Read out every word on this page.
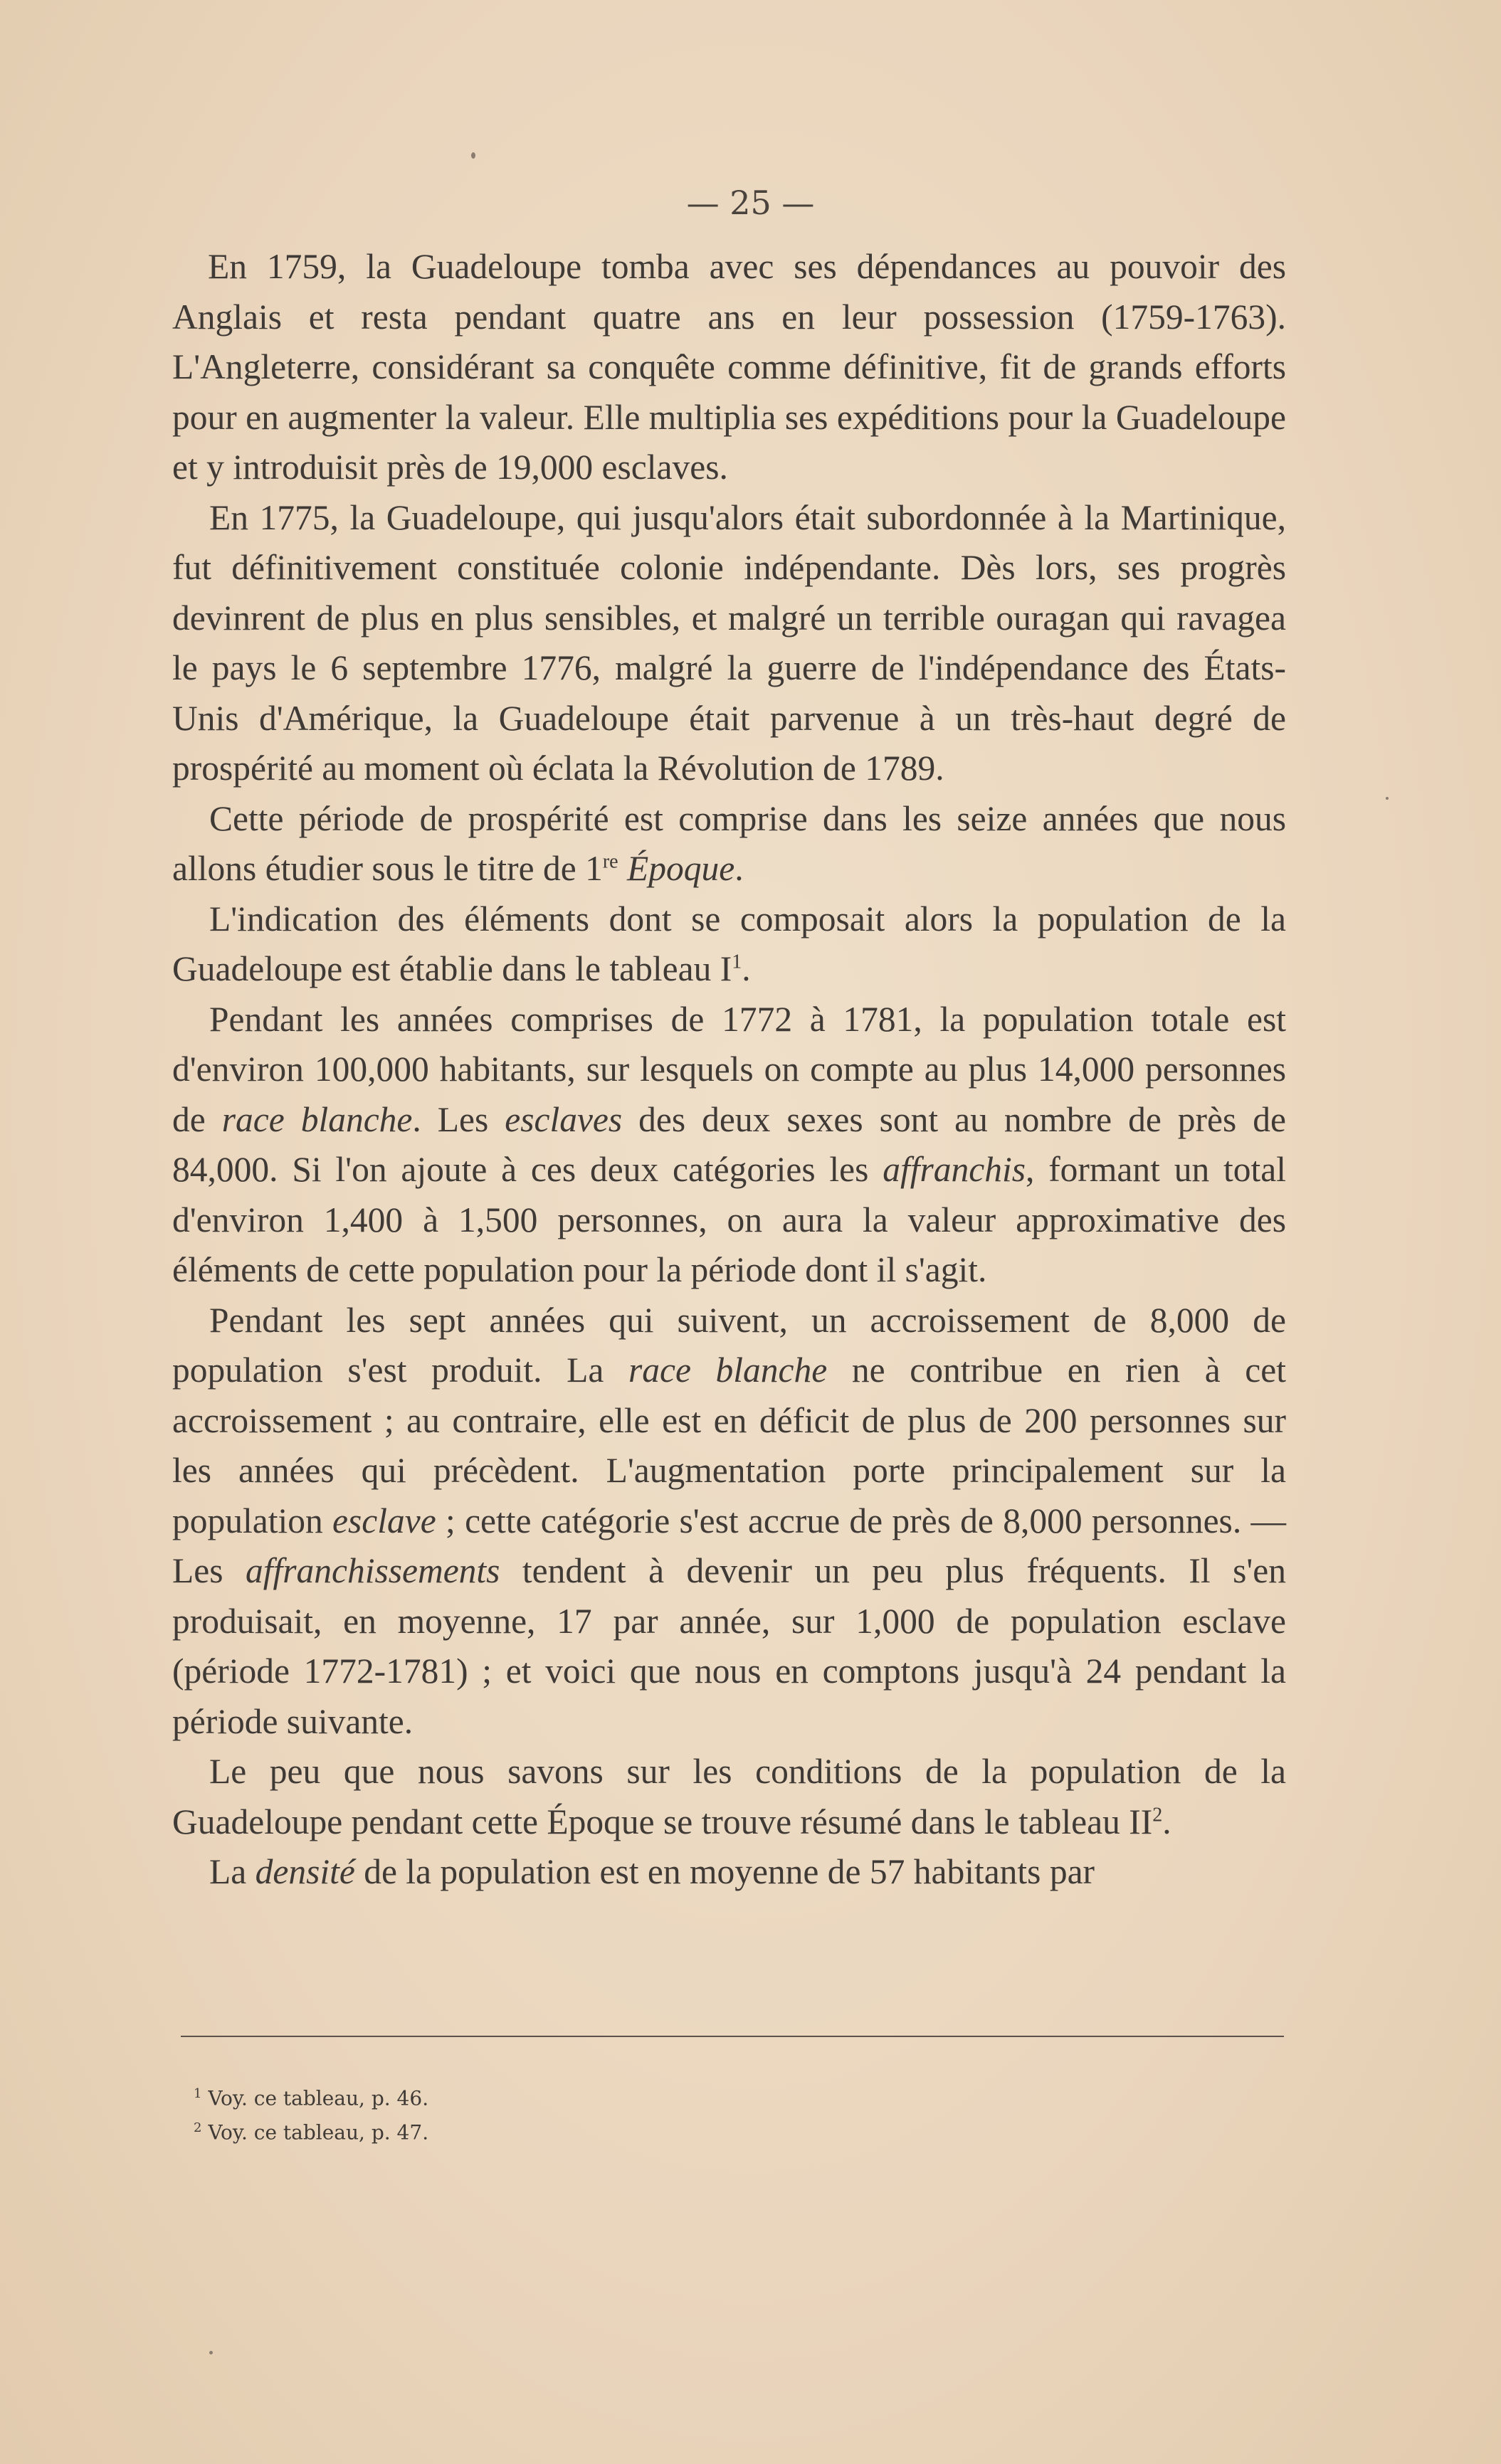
— 25 —

En 1759, la Guadeloupe tomba avec ses dépendances au pouvoir des Anglais et resta pendant quatre ans en leur possession (1759-1763). L'Angleterre, considérant sa conquête comme définitive, fit de grands efforts pour en augmenter la valeur. Elle multiplia ses expéditions pour la Guadeloupe et y introduisit près de 19,000 esclaves.

En 1775, la Guadeloupe, qui jusqu'alors était subordonnée à la Martinique, fut définitivement constituée colonie indépendante. Dès lors, ses progrès devinrent de plus en plus sensibles, et malgré un terrible ouragan qui ravagea le pays le 6 septembre 1776, malgré la guerre de l'indépendance des États-Unis d'Amérique, la Guadeloupe était parvenue à un très-haut degré de prospérité au moment où éclata la Révolution de 1789.

Cette période de prospérité est comprise dans les seize années que nous allons étudier sous le titre de 1re Époque.

L'indication des éléments dont se composait alors la population de la Guadeloupe est établie dans le tableau $I^1$.

Pendant les années comprises de 1772 à 1781, la population totale est d'environ 100,000 habitants, sur lesquels on compte au plus 14,000 personnes de race blanche. Les esclaves des deux sexes sont au nombre de près de 84,000. Si l'on ajoute à ces deux catégories les affranchis, formant un total d'environ 1,400 à 1,500 personnes, on aura la valeur approximative des éléments de cette population pour la période dont il s'agit.

Pendant les sept années qui suivent, un accroissement de 8,000 de population s'est produit. La race blanche ne contribue en rien à cet accroissement ; au contraire, elle est en déficit de plus de 200 personnes sur les années qui précèdent. L'augmentation porte principalement sur la population esclave ; cette catégorie s'est accrue de près de 8,000 personnes. — Les affranchissements tendent à devenir un peu plus fréquents. Il s'en produisait, en moyenne, 17 par année, sur 1,000 de population esclave (période 1772-1781) ; et voici que nous en comptons jusqu'à 24 pendant la période suivante.

Le peu que nous savons sur les conditions de la population de la Guadeloupe pendant cette Époque se trouve résumé dans le tableau $II^2$.

La densité de la population est en moyenne de 57 habitants par

$^1$ Voy. ce tableau, p. 46.
$^2$ Voy. ce tableau, p. 47.
